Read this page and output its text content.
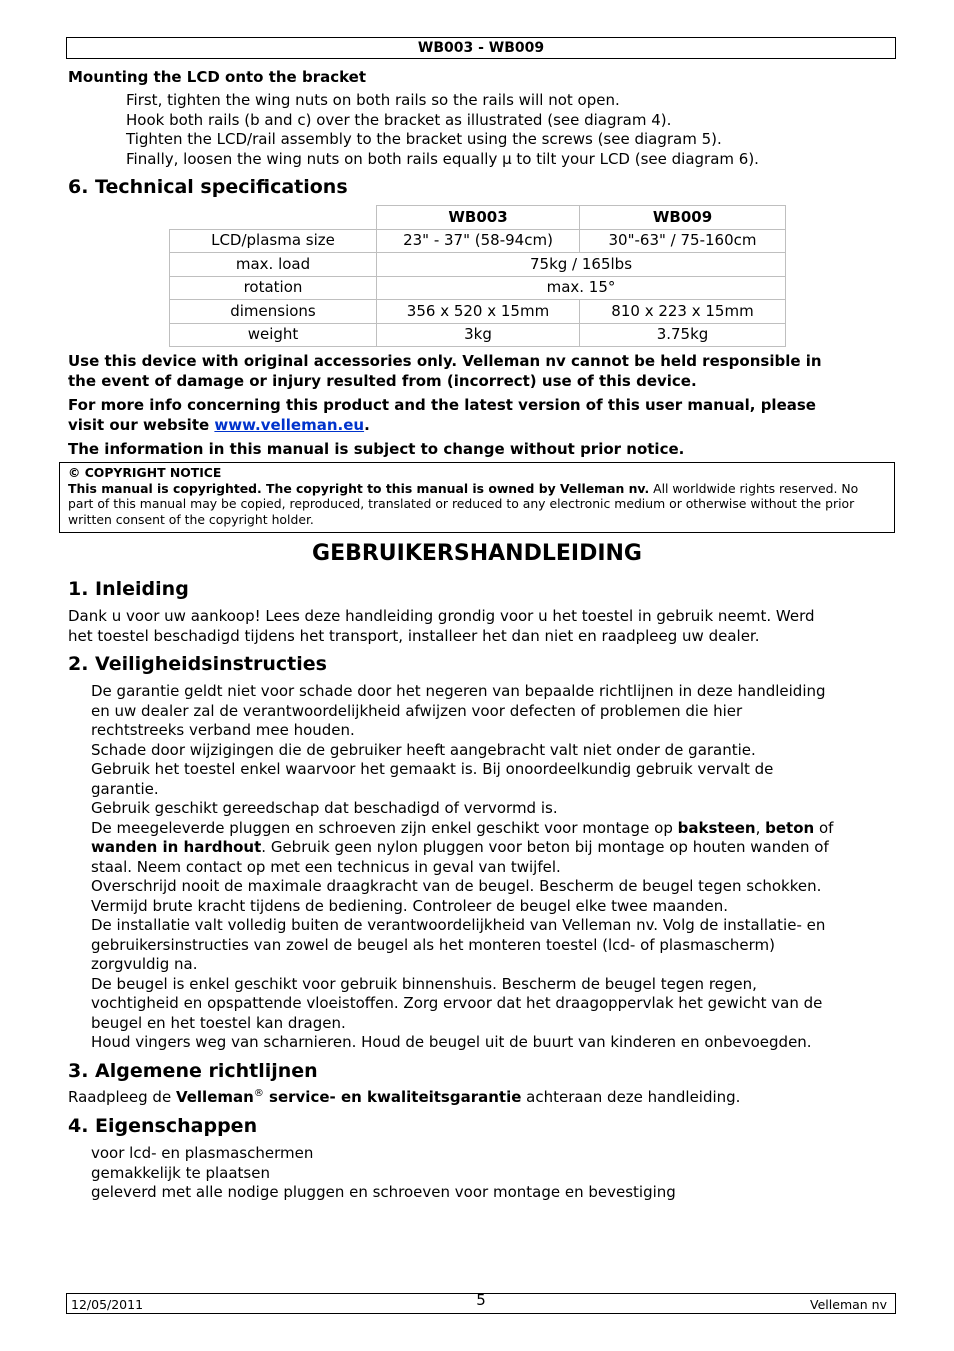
WB003 - WB009
Mounting the LCD onto the bracket
First, tighten the wing nuts on both rails so the rails will not open.
Hook both rails (b and c) over the bracket as illustrated (see diagram 4).
Tighten the LCD/rail assembly to the bracket using the screws (see diagram 5).
Finally, loosen the wing nuts on both rails equally µ to tilt your LCD (see diagram 6).
6. Technical specifications
	WB003	WB009
LCD/plasma size	23" - 37" (58-94cm)	30"-63" / 75-160cm
max. load	75kg / 165lbs	
rotation	max. 15°	
dimensions	356 x 520 x 15mm	810 x 223 x 15mm
weight	3kg	3.75kg
Use this device with original accessories only. Velleman nv cannot be held responsible in
the event of damage or injury resulted from (incorrect) use of this device.
For more info concerning this product and the latest version of this user manual, please
visit our website www.velleman.eu.
The information in this manual is subject to change without prior notice.
© COPYRIGHT NOTICE
This manual is copyrighted. The copyright to this manual is owned by Velleman nv. All worldwide rights reserved. No
part of this manual may be copied, reproduced, translated or reduced to any electronic medium or otherwise without the prior
written consent of the copyright holder.
GEBRUIKERSHANDLEIDING
1. Inleiding
Dank u voor uw aankoop! Lees deze handleiding grondig voor u het toestel in gebruik neemt. Werd
het toestel beschadigd tijdens het transport, installeer het dan niet en raadpleeg uw dealer.
2. Veiligheidsinstructies
De garantie geldt niet voor schade door het negeren van bepaalde richtlijnen in deze handleiding
en uw dealer zal de verantwoordelijkheid afwijzen voor defecten of problemen die hier
rechtstreeks verband mee houden.
Schade door wijzigingen die de gebruiker heeft aangebracht valt niet onder de garantie.
Gebruik het toestel enkel waarvoor het gemaakt is. Bij onoordeelkundig gebruik vervalt de
garantie.
Gebruik geschikt gereedschap dat beschadigd of vervormd is.
De meegeleverde pluggen en schroeven zijn enkel geschikt voor montage op baksteen, beton of
wanden in hardhout. Gebruik geen nylon pluggen voor beton bij montage op houten wanden of
staal. Neem contact op met een technicus in geval van twijfel.
Overschrijd nooit de maximale draagkracht van de beugel. Bescherm de beugel tegen schokken.
Vermijd brute kracht tijdens de bediening. Controleer de beugel elke twee maanden.
De installatie valt volledig buiten de verantwoordelijkheid van Velleman nv. Volg de installatie- en
gebruikersinstructies van zowel de beugel als het monteren toestel (lcd- of plasmascherm)
zorgvuldig na.
De beugel is enkel geschikt voor gebruik binnenshuis. Bescherm de beugel tegen regen,
vochtigheid en opspattende vloeistoffen. Zorg ervoor dat het draagoppervlak het gewicht van de
beugel en het toestel kan dragen.
Houd vingers weg van scharnieren. Houd de beugel uit de buurt van kinderen en onbevoegden.
3. Algemene richtlijnen
Raadpleeg de Velleman® service- en kwaliteitsgarantie achteraan deze handleiding.
4. Eigenschappen
voor lcd- en plasmaschermen
gemakkelijk te plaatsen
geleverd met alle nodige pluggen en schroeven voor montage en bevestiging
12/05/2011	5	Velleman nv
